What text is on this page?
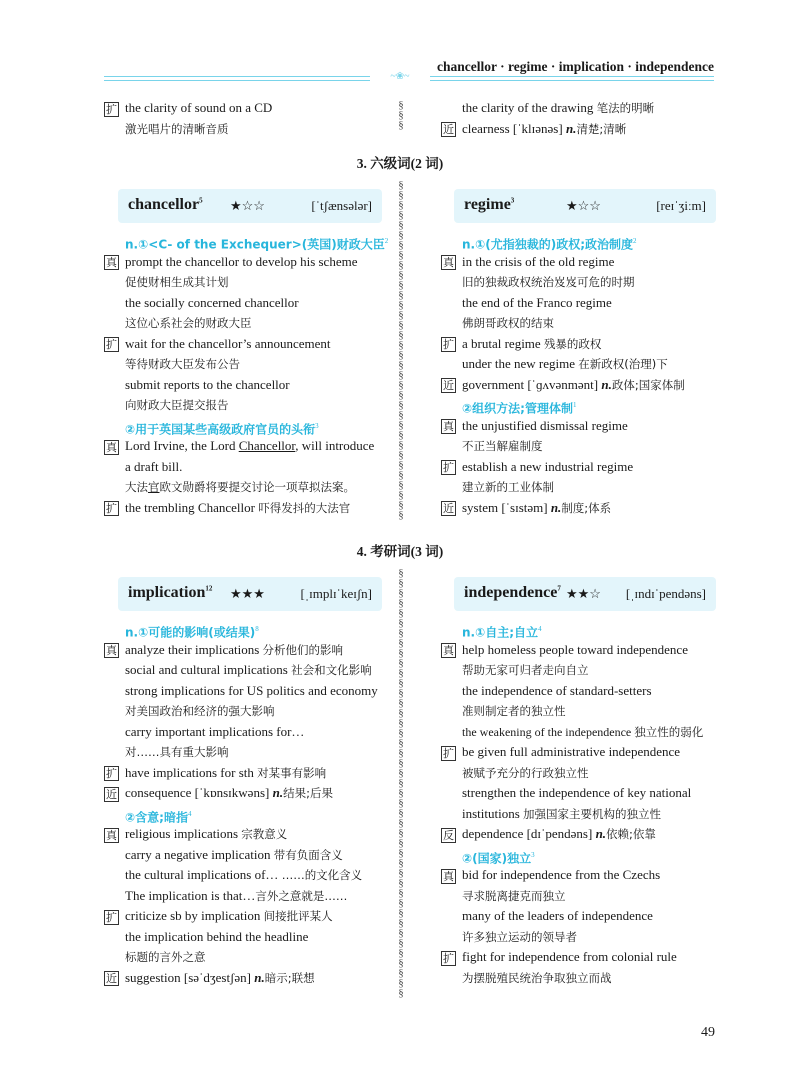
chancellor · regime · implication · independence
~❀~
扩 the clarity of sound on a CD
激光唱片的清晰音质
the clarity of the drawing 笔法的明晰
近 clearness [ˈklɪənəs] n.清楚;清晰
§
§
§
§
§
§
§
§
§
§
§
§
§
§
§
§
§
§
§
§
§
§
§
§
§
§
§
§
§
§
§
§
§
§
§
§
§
§
§
§
§
§
§
§
§
§
§
§
§
§
§
§
§
§
§
§
§
§
§
§
§
§
§
§
§
§
§
§
§
§
§
§
§
§
§
§
§
§
§
§
3. 六级词(2 词)
chancellor$^5$ ★☆☆	[ˈtʃænsələr]
n.①<C- of the Exchequer>(英国)财政大臣$^2$
真 prompt the chancellor to develop his scheme
促使财相生成其计划
the socially concerned chancellor
这位心系社会的财政大臣
扩 wait for the chancellor’s announcement
等待财政大臣发布公告
submit reports to the chancellor
向财政大臣提交报告
②用于英国某些高级政府官员的头衔$^3$
真 Lord Irvine, the Lord Chancellor, will introduce
a draft bill.
大法官欧文勋爵将要提交讨论一项草拟法案。
扩 the trembling Chancellor 吓得发抖的大法官
regime$^3$	★☆☆	[reɪˈʒiːm]
n.①(尤指独裁的)政权;政治制度$^2$
真 in the crisis of the old regime
旧的独裁政权统治岌岌可危的时期
the end of the Franco regime
佛朗哥政权的结束
扩 a brutal regime 残暴的政权
under the new regime 在新政权(治理)下
近 government [ˈɡʌvənmənt] n.政体;国家体制
②组织方法;管理体制$^1$
真 the unjustified dismissal regime
不正当解雇制度
扩 establish a new industrial regime
建立新的工业体制
近 system [ˈsɪstəm] n.制度;体系
4. 考研词(3 词)
implication$^{12}$ ★★★	[ˌɪmplɪˈkeɪʃn]
n.①可能的影响(或结果)$^8$
真 analyze their implications 分析他们的影响
social and cultural implications 社会和文化影响
strong implications for US politics and economy
对美国政治和经济的强大影响
carry important implications for…
对……具有重大影响
扩 have implications for sth 对某事有影响
近 consequence [ˈkɒnsɪkwəns] n.结果;后果
②含意;暗指$^4$
真 religious implications 宗教意义
carry a negative implication 带有负面含义
the cultural implications of… ……的文化含义
The implication is that…言外之意就是……
扩 criticize sb by implication 间接批评某人
the implication behind the headline
标题的言外之意
近 suggestion [səˈdʒestʃən] n.暗示;联想
independence$^7$ ★★☆ [ˌɪndɪˈpendəns]
n.①自主;自立$^4$
真 help homeless people toward independence
帮助无家可归者走向自立
the independence of standard-setters
准则制定者的独立性
the weakening of the independence 独立性的弱化
扩 be given full administrative independence
被赋予充分的行政独立性
strengthen the independence of key national
institutions 加强国家主要机构的独立性
反 dependence [dɪˈpendəns] n.依赖;依靠
②(国家)独立$^3$
真 bid for independence from the Czechs
寻求脱离捷克而独立
many of the leaders of independence
许多独立运动的领导者
扩 fight for independence from colonial rule
为摆脱殖民统治争取独立而战
49
